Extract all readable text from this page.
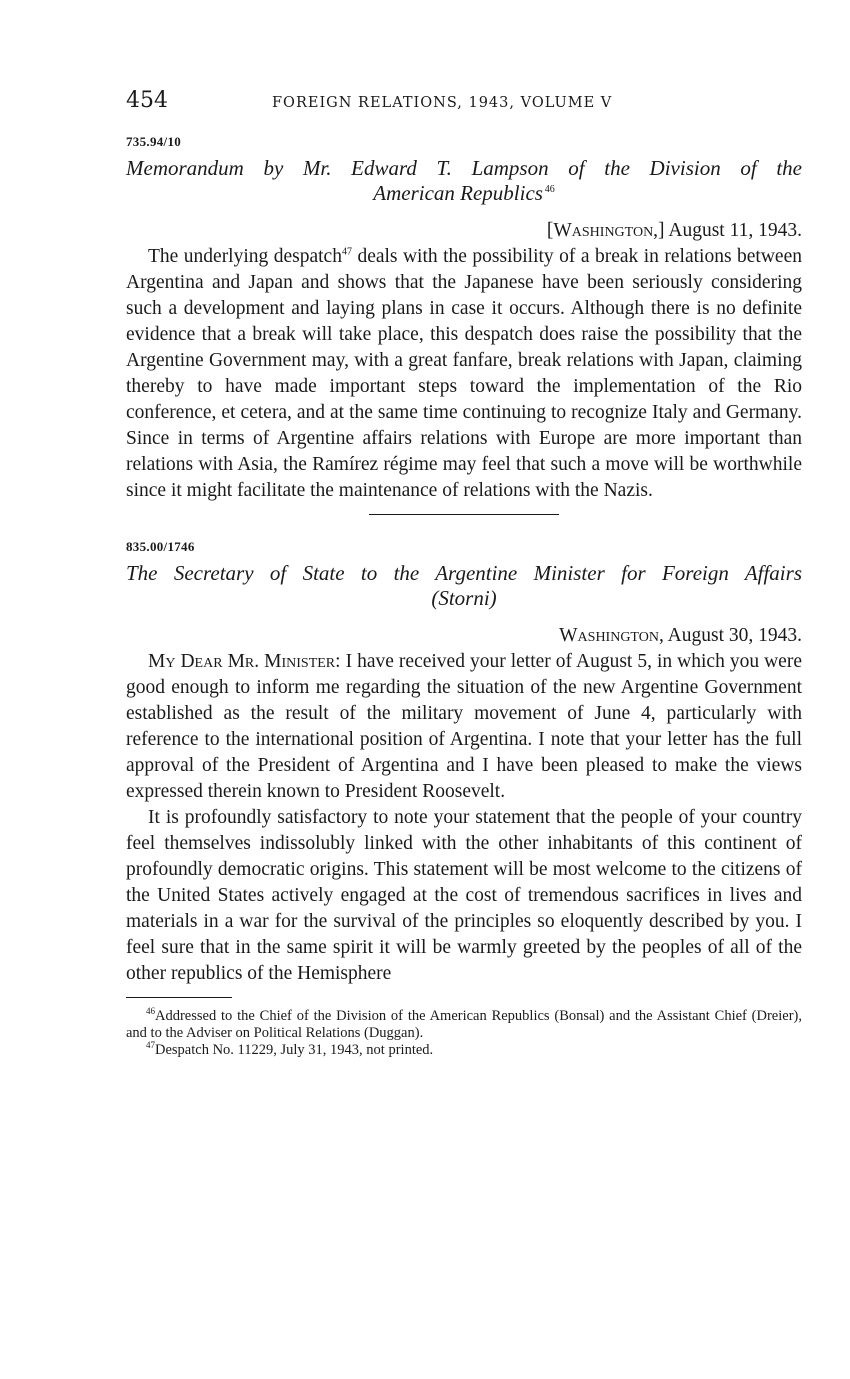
454	FOREIGN RELATIONS, 1943, VOLUME V
735.94/10
Memorandum by Mr. Edward T. Lampson of the Division of the
American Republics  $^{46}$
[Washington,] August 11, 1943.

The underlying despatch$^{47}$ deals with the possibility of a break in relations between Argentina and Japan and shows that the Japanese have been seriously considering such a development and laying plans in case it occurs. Although there is no definite evidence that a break will take place, this despatch does raise the possibility that the Argentine Government may, with a great fanfare, break relations with Japan, claiming thereby to have made important steps toward the implementation of the Rio conference, et cetera, and at the same time continuing to recognize Italy and Germany. Since in terms of Argentine affairs relations with Europe are more important than relations with Asia, the Ramírez régime may feel that such a move will be worthwhile since it might facilitate the maintenance of relations with the Nazis.

835.00/1746
The Secretary of State to the Argentine Minister for Foreign Affairs
(Storni)
Washington, August 30, 1943.

My Dear Mr. Minister: I have received your letter of August 5, in which you were good enough to inform me regarding the situation of the new Argentine Government established as the result of the military movement of June 4, particularly with reference to the international position of Argentina. I note that your letter has the full approval of the President of Argentina and I have been pleased to make the views expressed therein known to President Roosevelt.

It is profoundly satisfactory to note your statement that the people of your country feel themselves indissolubly linked with the other inhabitants of this continent of profoundly democratic origins. This statement will be most welcome to the citizens of the United States actively engaged at the cost of tremendous sacrifices in lives and materials in a war for the survival of the principles so eloquently described by you. I feel sure that in the same spirit it will be warmly greeted by the peoples of all of the other republics of the Hemisphere

$^{46}$Addressed to the Chief of the Division of the American Republics (Bonsal) and the Assistant Chief (Dreier), and to the Adviser on Political Relations (Duggan).

$^{47}$Despatch No. 11229, July 31, 1943, not printed.
